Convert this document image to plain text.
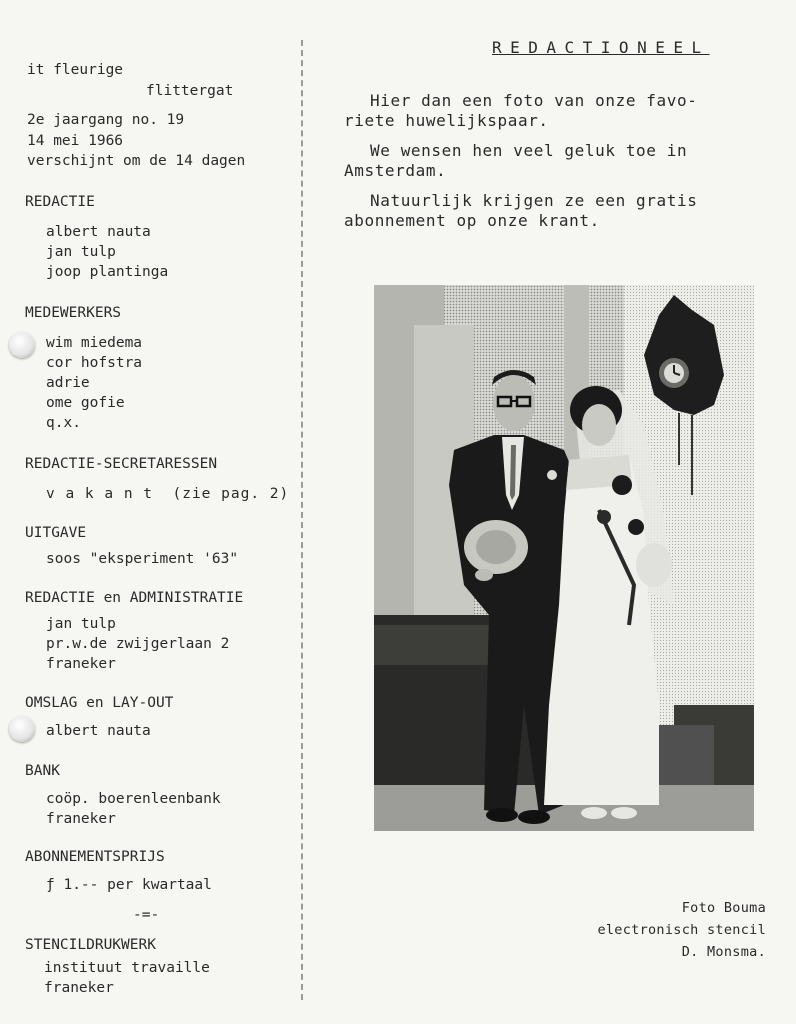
it fleurige
flittergat
2e jaargang no. 19
14 mei 1966
verschijnt om de 14 dagen
REDACTIE
albert nauta
jan tulp
joop plantinga
MEDEWERKERS
wim miedema
cor hofstra
adrie
ome gofie
q.x.
REDACTIE-SECRETARESSEN
v a k a n t  (zie pag. 2)
UITGAVE
soos "eksperiment '63"
REDACTIE en ADMINISTRATIE
jan tulp
pr.w.de zwijgerlaan 2
franeker
OMSLAG en LAY-OUT
albert nauta
BANK
coöp. boerenleenbank
franeker
ABONNEMENTSPRIJS
ƒ 1.-- per kwartaal
-=-
STENCILDRUKWERK
instituut travaille
franeker
REDACTIONEEL
Hier dan een foto van onze favo-
riete huwelijkspaar.
We wensen hen veel geluk toe in
Amsterdam.
Natuurlijk krijgen ze een gratis
abonnement op onze krant.
Foto Bouma
electronisch stencil
D. Monsma.
